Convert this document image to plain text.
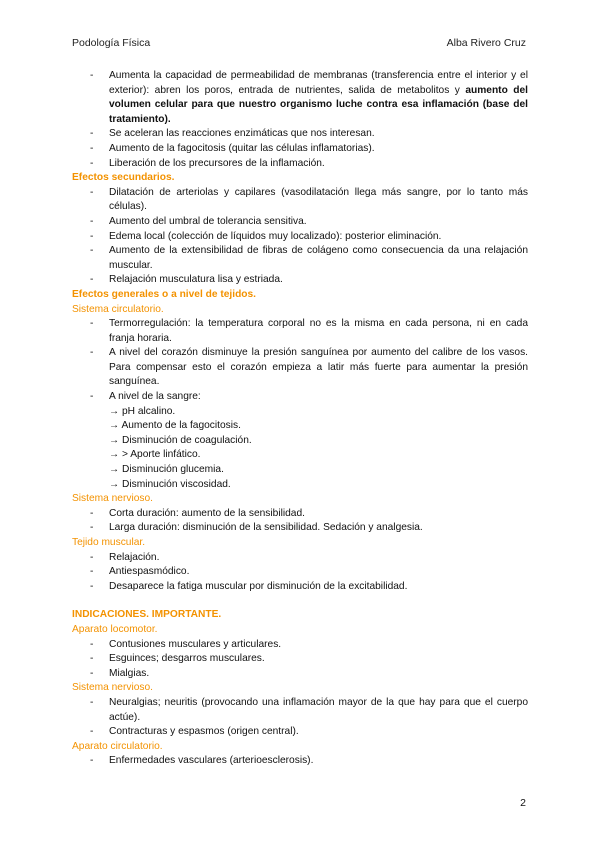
Podología Física	Alba Rivero Cruz
-	Aumenta la capacidad de permeabilidad de membranas (transferencia entre el interior y el exterior): abren los poros, entrada de nutrientes, salida de metabolitos y aumento del volumen celular para que nuestro organismo luche contra esa inflamación (base del tratamiento).
-	Se aceleran las reacciones enzimáticas que nos interesan.
-	Aumento de la fagocitosis (quitar las células inflamatorias).
-	Liberación de los precursores de la inflamación.
Efectos secundarios.
-	Dilatación de arteriolas y capilares (vasodilatación llega más sangre, por lo tanto más células).
-	Aumento del umbral de tolerancia sensitiva.
-	Edema local (colección de líquidos muy localizado): posterior eliminación.
-	Aumento de la extensibilidad de fibras de colágeno como consecuencia da una relajación muscular.
-	Relajación musculatura lisa y estriada.
Efectos generales o a nivel de tejidos.
Sistema circulatorio.
-	Termorregulación: la temperatura corporal no es la misma en cada persona, ni en cada franja horaria.
-	A nivel del corazón disminuye la presión sanguínea por aumento del calibre de los vasos. Para compensar esto el corazón empieza a latir más fuerte para aumentar la presión sanguínea.
-	A nivel de la sangre:
→ pH alcalino.
→ Aumento de la fagocitosis.
→ Disminución de coagulación.
→ > Aporte linfático.
→ Disminución glucemia.
→ Disminución viscosidad.
Sistema nervioso.
-	Corta duración: aumento de la sensibilidad.
-	Larga duración: disminución de la sensibilidad. Sedación y analgesia.
Tejido muscular.
-	Relajación.
-	Antiespasmódico.
-	Desaparece la fatiga muscular por disminución de la excitabilidad.
INDICACIONES. IMPORTANTE.
Aparato locomotor.
-	Contusiones musculares y articulares.
-	Esguinces; desgarros musculares.
-	Mialgias.
Sistema nervioso.
-	Neuralgias; neuritis (provocando una inflamación mayor de la que hay para que el cuerpo actúe).
-	Contracturas y espasmos (origen central).
Aparato circulatorio.
-	Enfermedades vasculares (arterioesclerosis).
2
